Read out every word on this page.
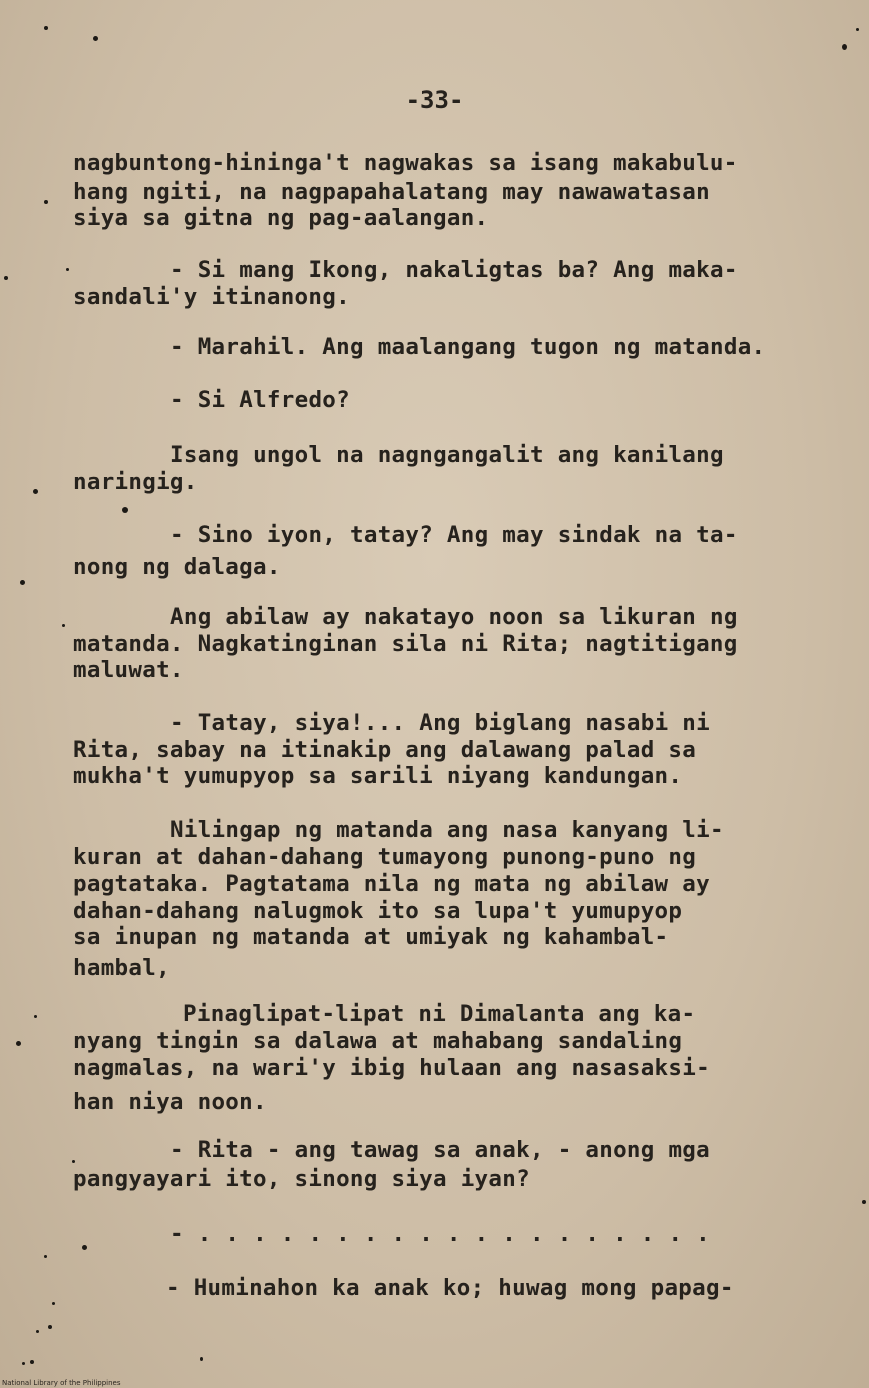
-33-
nagbuntong-hininga't nagwakas sa isang makabulu-
hang ngiti, na nagpapahalatang may nawawatasan
siya sa gitna ng pag-aalangan.
- Si mang Ikong, nakaligtas ba? Ang maka-
sandali'y itinanong.
- Marahil. Ang maalangang tugon ng matanda.
- Si Alfredo?
Isang ungol na nagngangalit ang kanilang
naringig.
- Sino iyon, tatay? Ang may sindak na ta-
nong ng dalaga.
Ang abilaw ay nakatayo noon sa likuran ng
matanda. Nagkatinginan sila ni Rita; nagtitigang
maluwat.
- Tatay, siya!... Ang biglang nasabi ni
Rita, sabay na itinakip ang dalawang palad sa
mukha't yumupyop sa sarili niyang kandungan.
Nilingap ng matanda ang nasa kanyang li-
kuran at dahan-dahang tumayong punong-puno ng
pagtataka. Pagtatama nila ng mata ng abilaw ay
dahan-dahang nalugmok ito sa lupa't yumupyop
sa inupan ng matanda at umiyak ng kahambal-
hambal,
Pinaglipat-lipat ni Dimalanta ang ka-
nyang tingin sa dalawa at mahabang sandaling
nagmalas, na wari'y ibig hulaan ang nasasaksi-
han niya noon.
- Rita - ang tawag sa anak, - anong mga
pangyayari ito, sinong siya iyan?
- . . . . . . . . . . . . . . . . . . .
- Huminahon ka anak ko; huwag mong papag-
National Library of the Philippines
